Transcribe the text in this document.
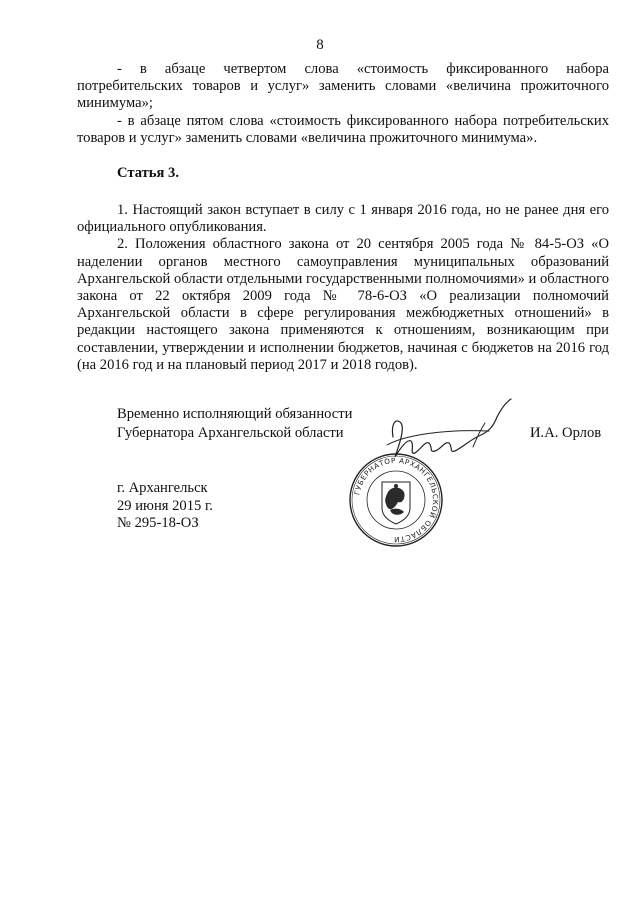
8

- в абзаце четвертом слова «стоимость фиксированного набора потребительских товаров и услуг» заменить словами «величина прожиточного минимума»;

- в абзаце пятом слова «стоимость фиксированного набора потребительских товаров и услуг» заменить словами «величина прожиточного минимума».

Статья 3.

1. Настоящий закон вступает в силу с 1 января 2016 года, но не ранее дня его официального опубликования.

2. Положения областного закона от 20 сентября 2005 года № 84-5-ОЗ «О наделении органов местного самоуправления муниципальных образований Архангельской области отдельными государственными полномочиями» и областного закона от 22 октября 2009 года № 78-6-ОЗ «О реализации полномочий Архангельской области в сфере регулирования межбюджетных отношений» в редакции настоящего закона применяются к отношениям, возникающим при составлении, утверждении и исполнении бюджетов, начиная с бюджетов на 2016 год (на 2016 год и на плановый период 2017 и 2018 годов).

Временно исполняющий обязанности
Губернатора Архангельской области	И.А. Орлов
ГУБЕРНАТОР АРХАНГЕЛЬСКОЙ ОБЛАСТИ
г. Архангельск
29 июня 2015 г.
№ 295-18-ОЗ
